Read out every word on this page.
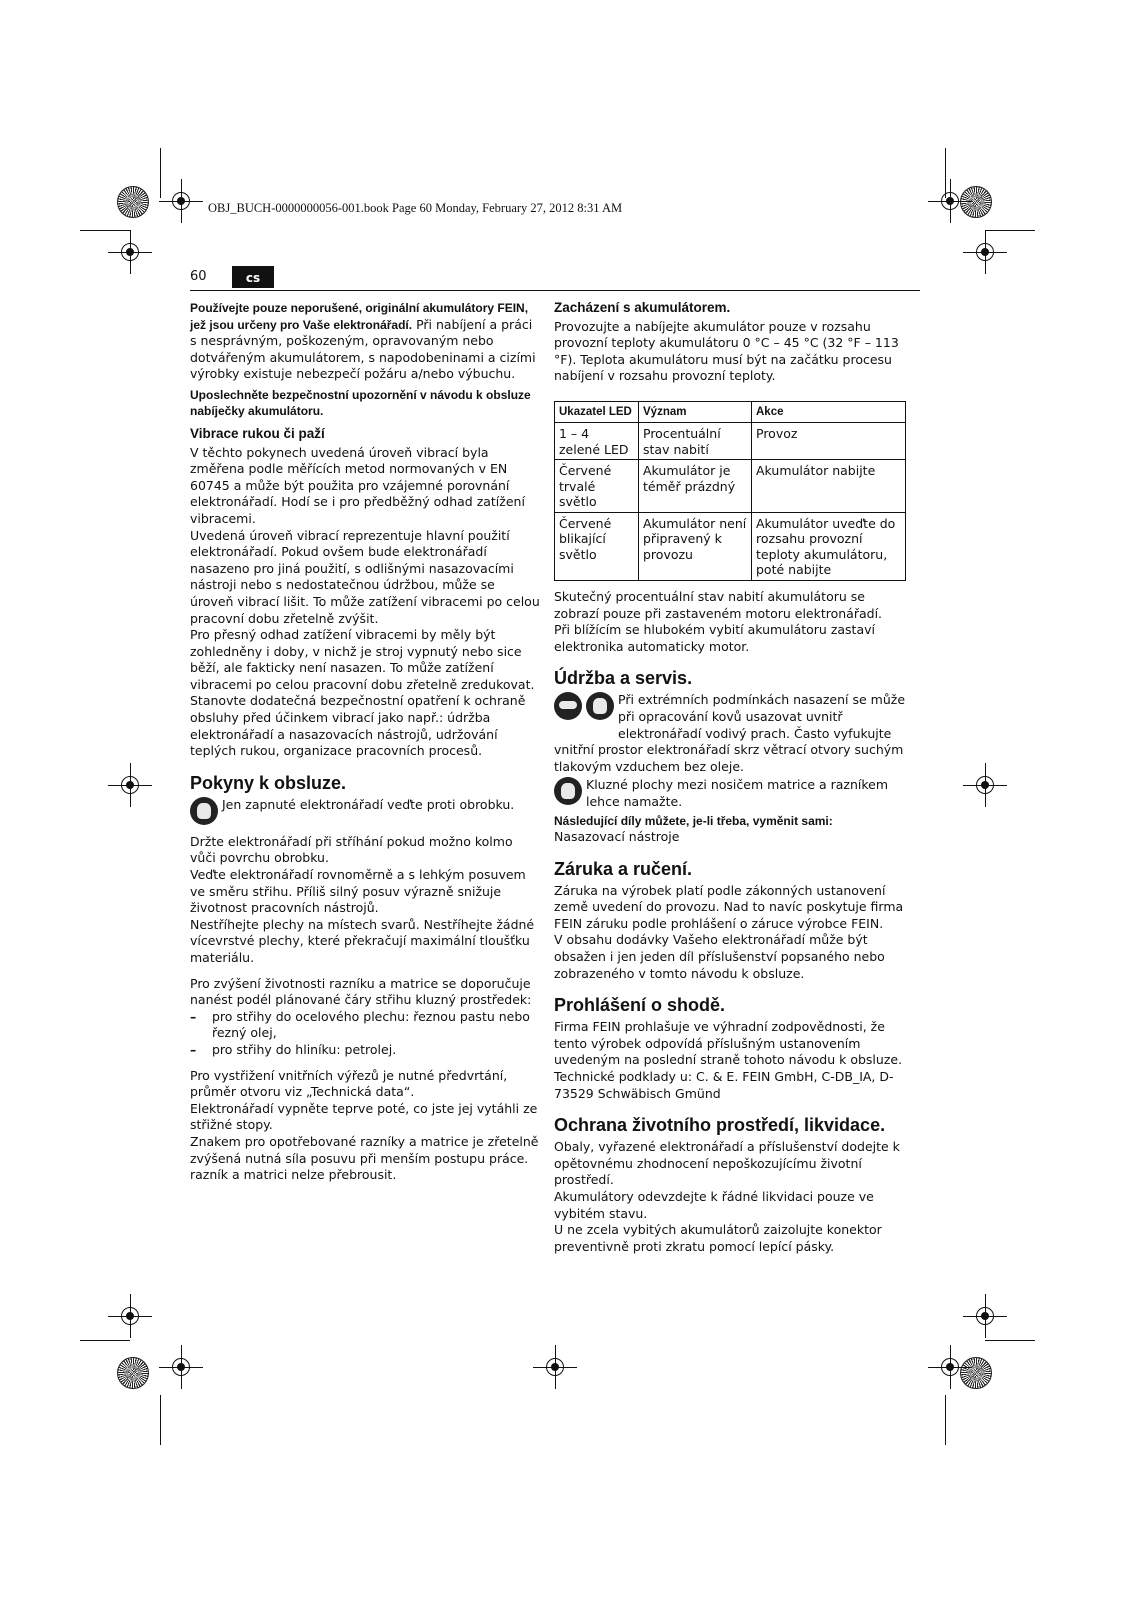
OBJ_BUCH-0000000056-001.book Page 60 Monday, February 27, 2012 8:31 AM
60	cs

Používejte pouze neporušené, originální akumulátory FEIN, jež jsou určeny pro Vaše elektronářadí. Při nabíjení a práci s nesprávným, poškozeným, opravovaným nebo dotvářeným akumulátorem, s napodobeninami a cizími výrobky existuje nebezpečí požáru a/nebo výbuchu.

Uposlechněte bezpečnostní upozornění v návodu k obsluze nabíječky akumulátoru.

Vibrace rukou či paží

V těchto pokynech uvedená úroveň vibrací byla změřena podle měřících metod normovaných v EN 60745 a může být použita pro vzájemné porovnání elektronářadí. Hodí se i pro předběžný odhad zatížení vibracemi.

Uvedená úroveň vibrací reprezentuje hlavní použití elektronářadí. Pokud ovšem bude elektronářadí nasazeno pro jiná použití, s odlišnými nasazovacími nástroji nebo s nedostatečnou údržbou, může se úroveň vibrací lišit. To může zatížení vibracemi po celou pracovní dobu zřetelně zvýšit.

Pro přesný odhad zatížení vibracemi by měly být zohledněny i doby, v nichž je stroj vypnutý nebo sice běží, ale fakticky není nasazen. To může zatížení vibracemi po celou pracovní dobu zřetelně zredukovat.

Stanovte dodatečná bezpečnostní opatření k ochraně obsluhy před účinkem vibrací jako např.: údržba elektronářadí a nasazovacích nástrojů, udržování teplých rukou, organizace pracovních procesů.

Pokyny k obsluze.

Jen zapnuté elektronářadí veďte proti obrobku.

Držte elektronářadí při stříhání pokud možno kolmo vůči povrchu obrobku.

Veďte elektronářadí rovnoměrně a s lehkým posuvem ve směru střihu. Příliš silný posuv výrazně snižuje životnost pracovních nástrojů.

Nestříhejte plechy na místech svarů. Nestříhejte žádné vícevrstvé plechy, které překračují maximální tloušťku materiálu.

Pro zvýšení životnosti razníku a matrice se doporučuje nanést podél plánované čáry střihu kluzný prostředek:

–	pro střihy do ocelového plechu: řeznou pastu nebo řezný olej,
–	pro střihy do hliníku: petrolej.

Pro vystřižení vnitřních výřezů je nutné předvrtání, průměr otvoru viz „Technická data“.

Elektronářadí vypněte teprve poté, co jste jej vytáhli ze střižné stopy.

Znakem pro opotřebované razníky a matrice je zřetelně zvýšená nutná síla posuvu při menším postupu práce.

razník a matrici nelze přebrousit.

Zacházení s akumulátorem.

Provozujte a nabíjejte akumulátor pouze v rozsahu provozní teploty akumulátoru 0 °C – 45 °C (32 °F – 113 °F). Teplota akumulátoru musí být na začátku procesu nabíjení v rozsahu provozní teploty.

Ukazatel LED	Význam	Akce
1 – 4 zelené LED	Procentuální stav nabití	Provoz
Červené trvalé světlo	Akumulátor je téměř prázdný	Akumulátor nabijte
Červené blikající světlo	Akumulátor není připravený k provozu	Akumulátor uveďte do rozsahu provozní teploty akumulátoru, poté nabijte

Skutečný procentuální stav nabití akumulátoru se zobrazí pouze při zastaveném motoru elektronářadí.

Při blížícím se hlubokém vybití akumulátoru zastaví elektronika automaticky motor.

Údržba a servis.

Při extrémních podmínkách nasazení se může při opracování kovů usazovat uvnitř elektronářadí vodivý prach. Často vyfukujte

vnitřní prostor elektronářadí skrz větrací otvory suchým tlakovým vzduchem bez oleje.

Kluzné plochy mezi nosičem matrice a razníkem lehce namažte.

Následující díly můžete, je-li třeba, vyměnit sami:

Nasazovací nástroje

Záruka a ručení.

Záruka na výrobek platí podle zákonných ustanovení země uvedení do provozu. Nad to navíc poskytuje firma FEIN záruku podle prohlášení o záruce výrobce FEIN.

V obsahu dodávky Vašeho elektronářadí může být obsažen i jen jeden díl příslušenství popsaného nebo zobrazeného v tomto návodu k obsluze.

Prohlášení o shodě.

Firma FEIN prohlašuje ve výhradní zodpovědnosti, že tento výrobek odpovídá příslušným ustanovením uvedeným na poslední straně tohoto návodu k obsluze.

Technické podklady u: C. & E. FEIN GmbH, C-DB_IA, D-73529 Schwäbisch Gmünd

Ochrana životního prostředí, likvidace.

Obaly, vyřazené elektronářadí a příslušenství dodejte k opětovnému zhodnocení nepoškozujícímu životní prostředí.

Akumulátory odevzdejte k řádné likvidaci pouze ve vybitém stavu.

U ne zcela vybitých akumulátorů zaizolujte konektor preventivně proti zkratu pomocí lepící pásky.
